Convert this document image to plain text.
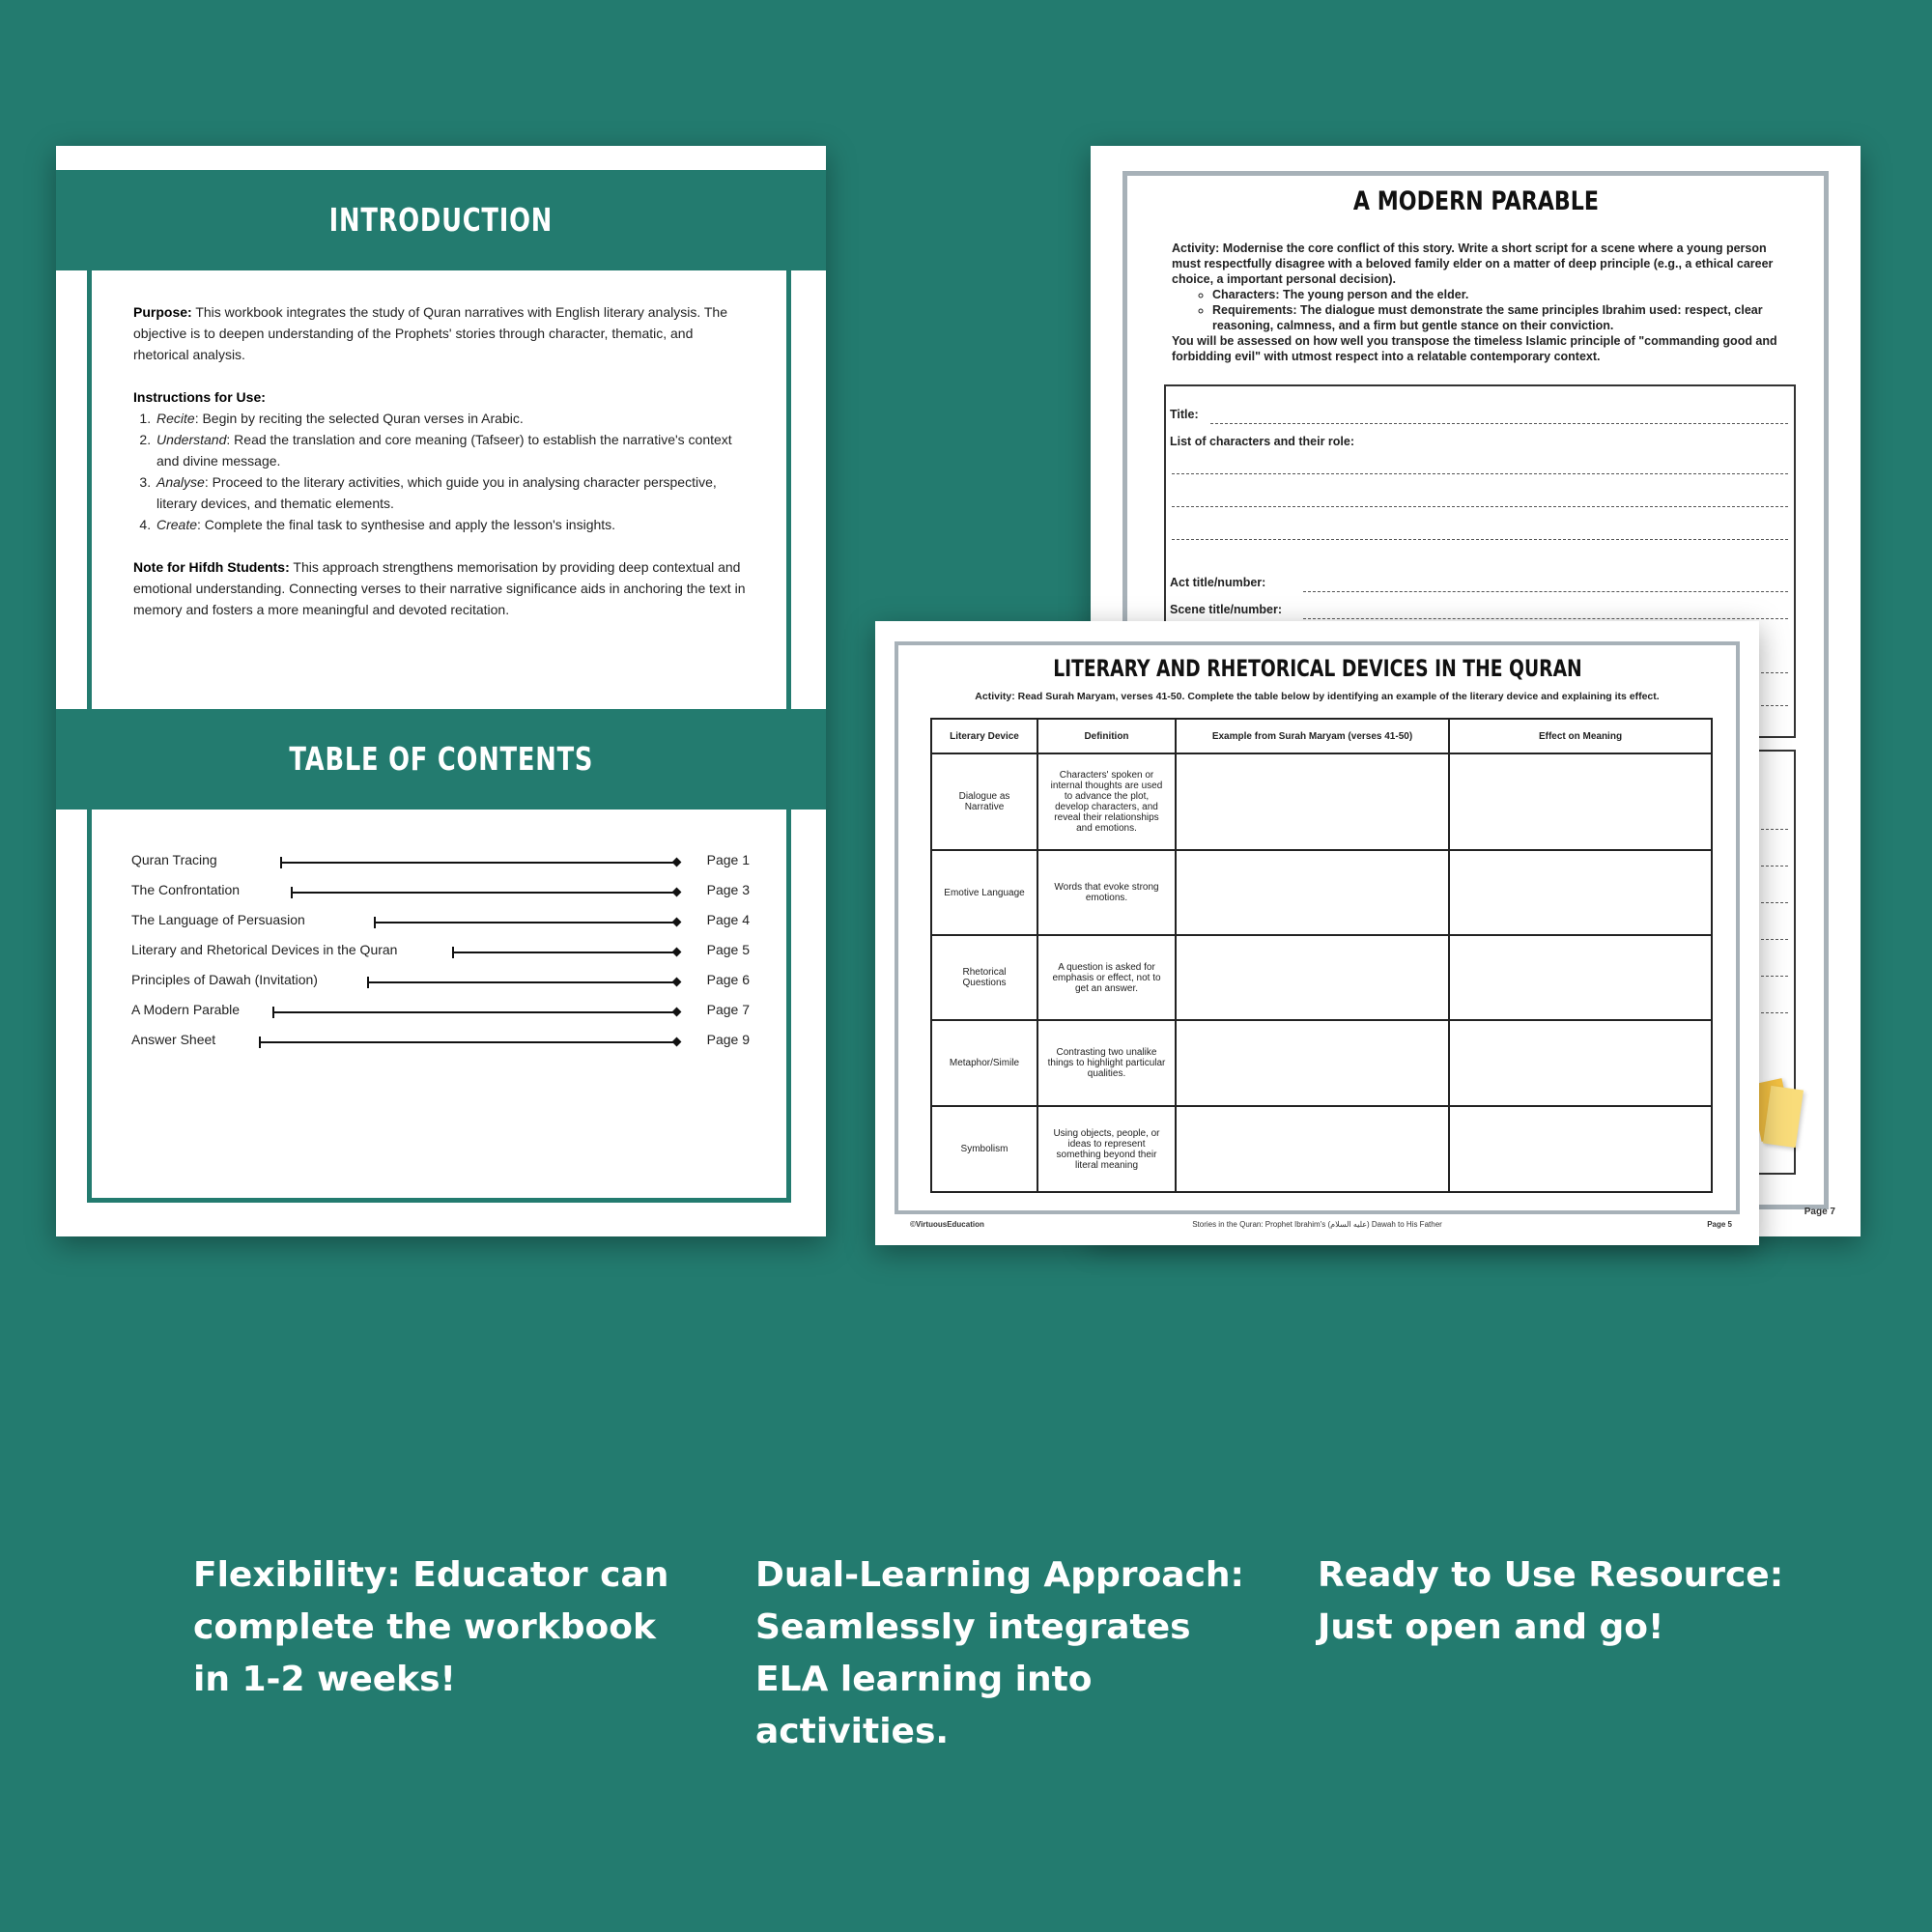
INTRODUCTION

Purpose: This workbook integrates the study of Quran narratives with English literary analysis. The objective is to deepen understanding of the Prophets' stories through character, thematic, and rhetorical analysis.

Instructions for Use:

1. Recite: Begin by reciting the selected Quran verses in Arabic.
2. Understand: Read the translation and core meaning (Tafseer) to establish the narrative's context and divine message.
3. Analyse: Proceed to the literary activities, which guide you in analysing character perspective, literary devices, and thematic elements.
4. Create: Complete the final task to synthesise and apply the lesson's insights.

Note for Hifdh Students: This approach strengthens memorisation by providing deep contextual and emotional understanding. Connecting verses to their narrative significance aids in anchoring the text in memory and fosters a more meaningful and devoted recitation.

TABLE OF CONTENTS
Quran Tracing	Page 1
The Confrontation	Page 3
The Language of Persuasion	Page 4
Literary and Rhetorical Devices in the Quran	Page 5
Principles of Dawah (Invitation)	Page 6
A Modern Parable	Page 7
Answer Sheet	Page 9
A MODERN PARABLE

Activity: Modernise the core conflict of this story. Write a short script for a scene where a young person must respectfully disagree with a beloved family elder on a matter of deep principle (e.g., a ethical career choice, a important personal decision).

◦ Characters: The young person and the elder.
◦ Requirements: The dialogue must demonstrate the same principles Ibrahim used: respect, clear reasoning, calmness, and a firm but gentle stance on their conviction.

You will be assessed on how well you transpose the timeless Islamic principle of "commanding good and forbidding evil" with utmost respect into a relatable contemporary context.

Title:
List of characters and their role:
Act title/number:
Scene title/number:
Page 7
LITERARY AND RHETORICAL DEVICES IN THE QURAN
Activity: Read Surah Maryam, verses 41-50. Complete the table below by identifying an example of the literary device and explaining its effect.
Literary Device	Definition	Example from Surah Maryam (verses 41-50)	Effect on Meaning
Dialogue as Narrative	Characters' spoken or internal thoughts are used to advance the plot, develop characters, and reveal their relationships and emotions.		
Emotive Language	Words that evoke strong emotions.		
Rhetorical Questions	A question is asked for emphasis or effect, not to get an answer.		
Metaphor/Simile	Contrasting two unalike things to highlight particular qualities.		
Symbolism	Using objects, people, or ideas to represent something beyond their literal meaning		
©VirtuousEducation	Stories in the Quran: Prophet Ibrahim's (عليه السلام) Dawah to His Father	Page 5
Flexibility: Educator can complete the workbook in 1-2 weeks!
Dual-Learning Approach: Seamlessly integrates ELA learning into activities.
Ready to Use Resource: Just open and go!
